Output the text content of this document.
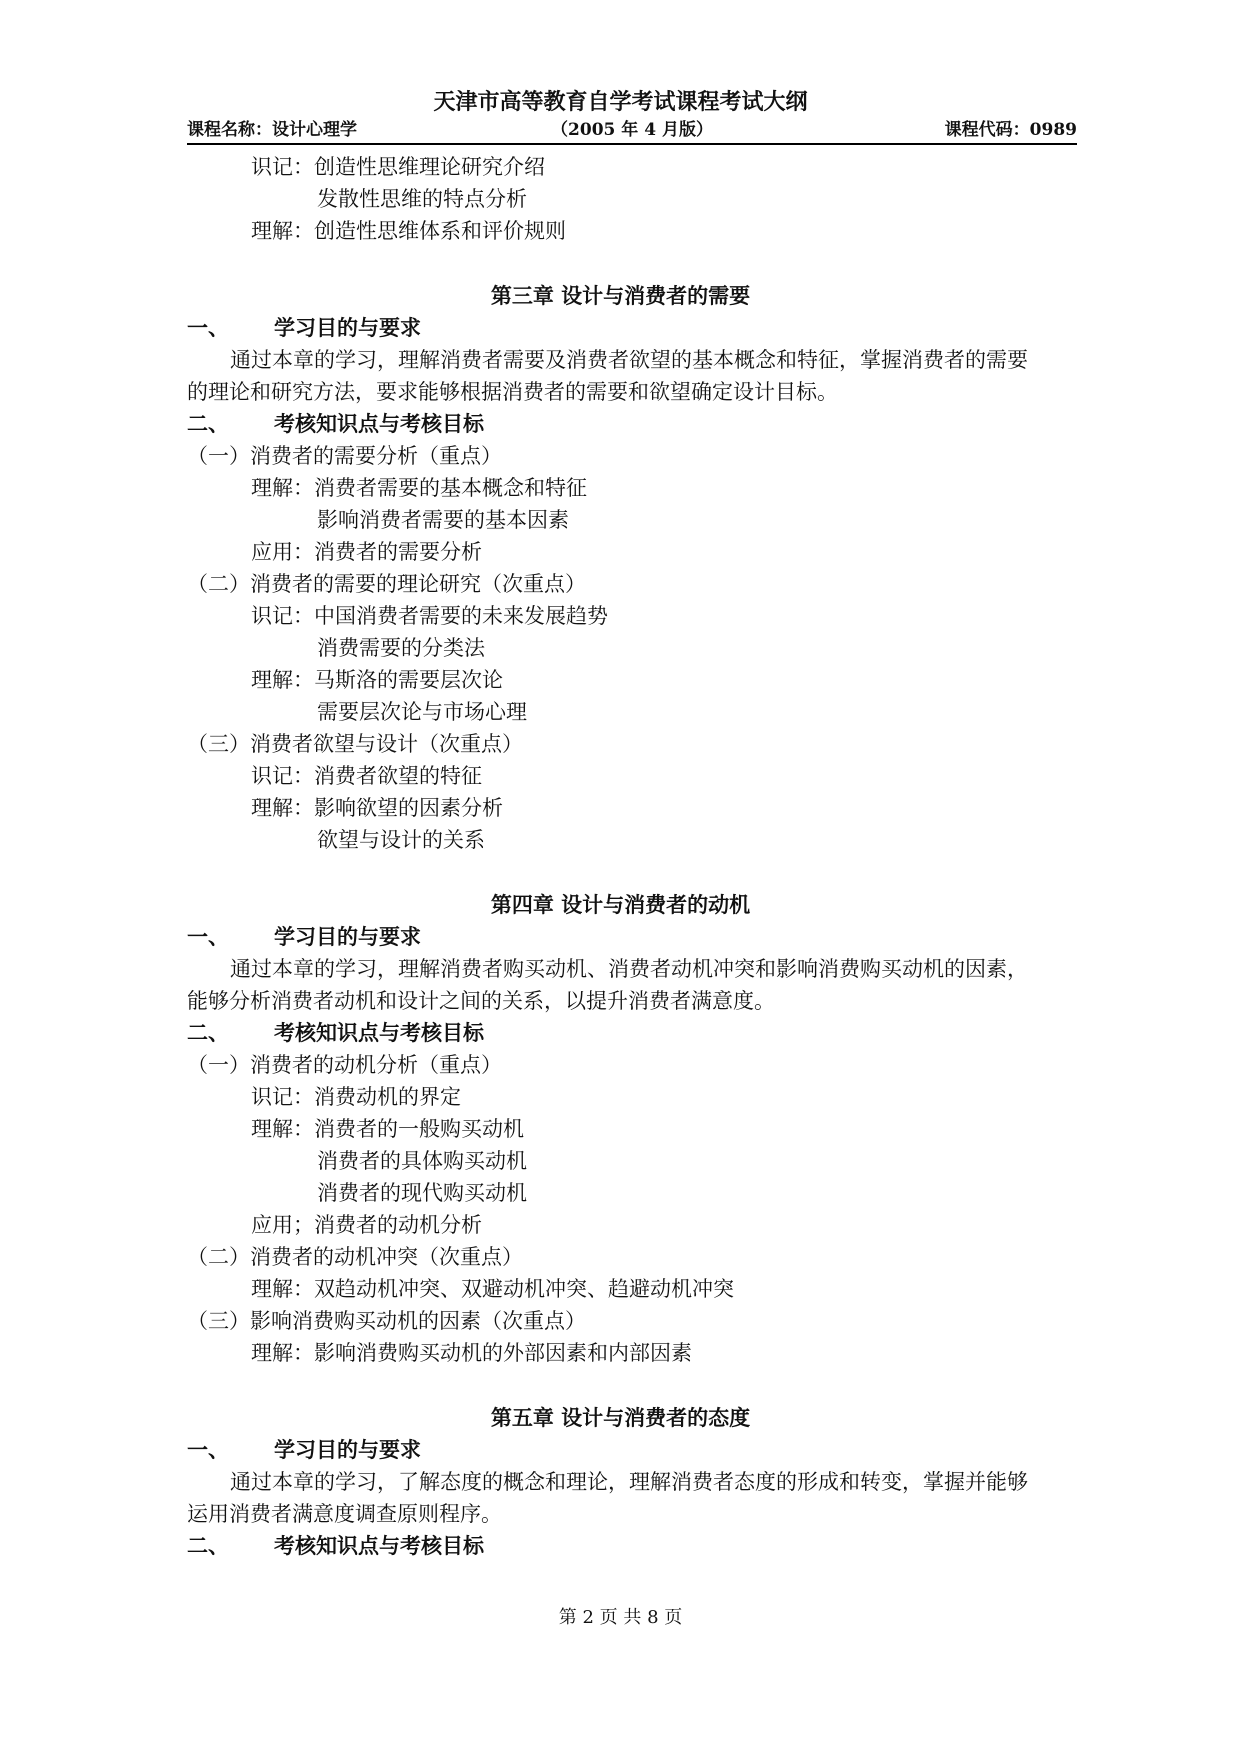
天津市高等教育自学考试课程考试大纲
（2005 年 4 月版）
课程名称：设计心理学	课程代码：0989
识记：创造性思维理论研究介绍
发散性思维的特点分析
理解：创造性思维体系和评价规则
第三章 设计与消费者的需要
一、 学习目的与要求
通过本章的学习，理解消费者需要及消费者欲望的基本概念和特征，掌握消费者的需要
的理论和研究方法，要求能够根据消费者的需要和欲望确定设计目标。
二、 考核知识点与考核目标
（一）消费者的需要分析（重点）
理解：消费者需要的基本概念和特征
影响消费者需要的基本因素
应用：消费者的需要分析
（二）消费者的需要的理论研究（次重点）
识记：中国消费者需要的未来发展趋势
消费需要的分类法
理解：马斯洛的需要层次论
需要层次论与市场心理
（三）消费者欲望与设计（次重点）
识记：消费者欲望的特征
理解：影响欲望的因素分析
欲望与设计的关系
第四章 设计与消费者的动机
一、 学习目的与要求
通过本章的学习，理解消费者购买动机、消费者动机冲突和影响消费购买动机的因素，
能够分析消费者动机和设计之间的关系，以提升消费者满意度。
二、 考核知识点与考核目标
（一）消费者的动机分析（重点）
识记：消费动机的界定
理解：消费者的一般购买动机
消费者的具体购买动机
消费者的现代购买动机
应用；消费者的动机分析
（二）消费者的动机冲突（次重点）
理解：双趋动机冲突、双避动机冲突、趋避动机冲突
（三）影响消费购买动机的因素（次重点）
理解：影响消费购买动机的外部因素和内部因素
第五章 设计与消费者的态度
一、 学习目的与要求
通过本章的学习，了解态度的概念和理论，理解消费者态度的形成和转变，掌握并能够
运用消费者满意度调查原则程序。
二、 考核知识点与考核目标
第 2 页 共 8 页
